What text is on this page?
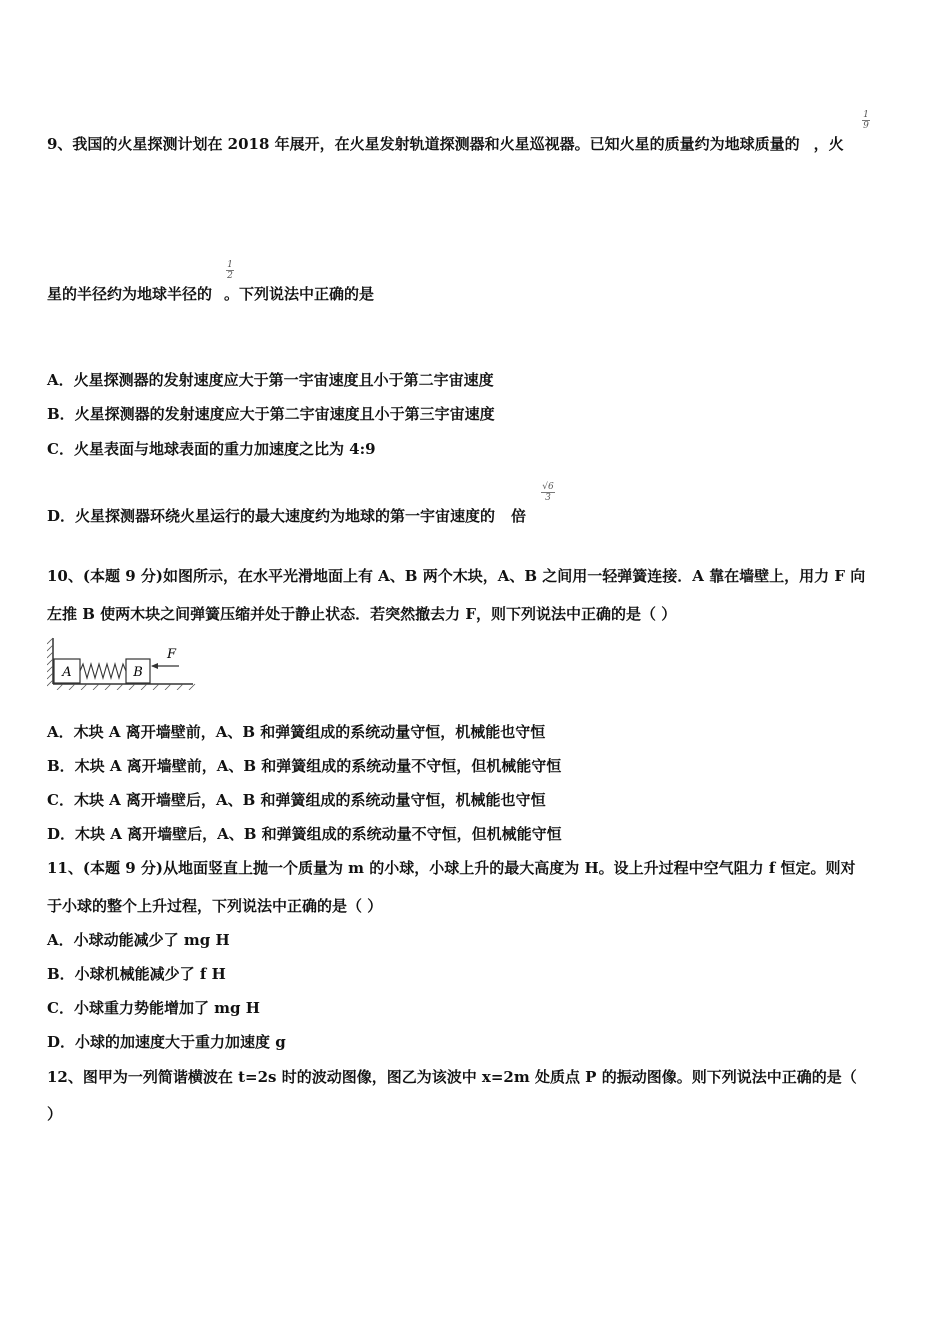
9、我国的火星探测计划在 2018 年展开，在火星发射轨道探测器和火星巡视器。已知火星的质量约为地球质量的 ，火
1
9
星的半径约为地球半径的 。下列说法中正确的是
1
2
A．火星探测器的发射速度应大于第一宇宙速度且小于第二宇宙速度
B．火星探测器的发射速度应大于第二宇宙速度且小于第三宇宙速度
C．火星表面与地球表面的重力加速度之比为 4:9
D．火星探测器环绕火星运行的最大速度约为地球的第一宇宙速度的 倍
√6
3
10、(本题 9 分)如图所示，在水平光滑地面上有 A、B 两个木块，A、B 之间用一轻弹簧连接．A 靠在墙壁上，用力 F 向
左推 B 使两木块之间弹簧压缩并处于静止状态．若突然撤去力 F，则下列说法中正确的是（ ）
A	B
F
A．木块 A 离开墙壁前，A、B 和弹簧组成的系统动量守恒，机械能也守恒
B．木块 A 离开墙壁前，A、B 和弹簧组成的系统动量不守恒，但机械能守恒
C．木块 A 离开墙壁后，A、B 和弹簧组成的系统动量守恒，机械能也守恒
D．木块 A 离开墙壁后，A、B 和弹簧组成的系统动量不守恒，但机械能守恒
11、(本题 9 分)从地面竖直上抛一个质量为 m 的小球，小球上升的最大高度为 H。设上升过程中空气阻力 f 恒定。则对
于小球的整个上升过程，下列说法中正确的是（ ）
A．小球动能减少了 mg H
B．小球机械能减少了 f H
C．小球重力势能增加了 mg H
D．小球的加速度大于重力加速度 g
12、图甲为一列简谐横波在 t=2s 时的波动图像，图乙为该波中 x=2m 处质点 P 的振动图像。则下列说法中正确的是（
）
